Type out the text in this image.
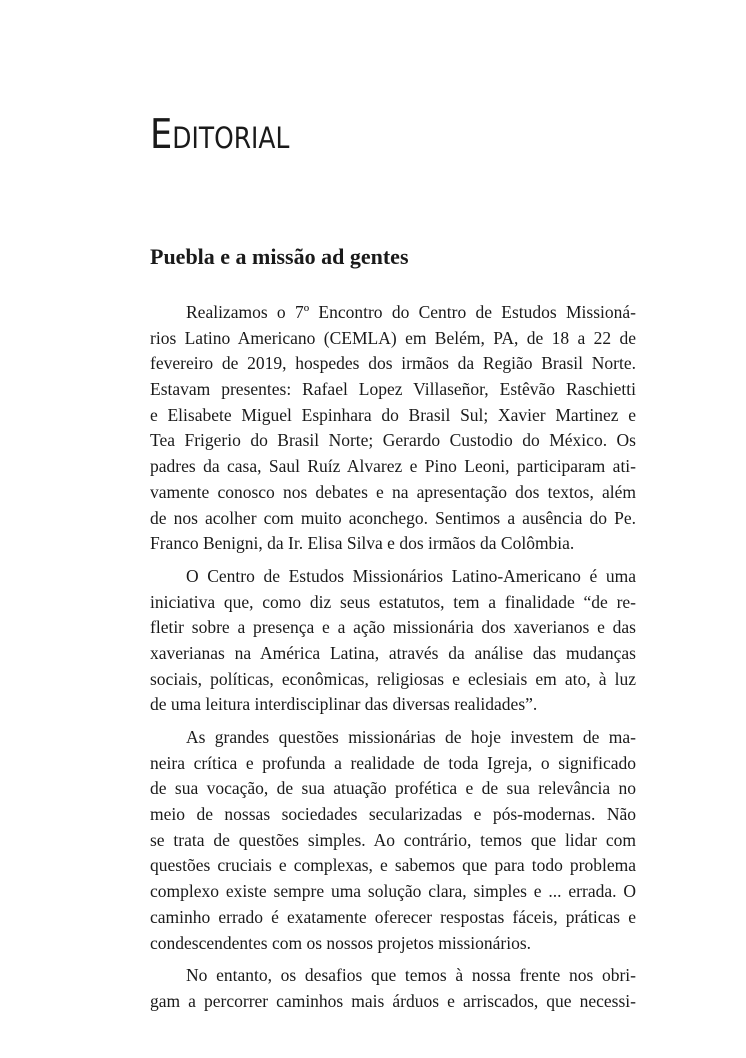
EDITORIAL
Puebla e a missão ad gentes

Realizamos o 7º Encontro do Centro de Estudos Missioná-
rios Latino Americano (CEMLA) em Belém, PA, de 18 a 22 de
fevereiro de 2019, hospedes dos irmãos da Região Brasil Norte.
Estavam presentes: Rafael Lopez Villaseñor, Estêvão Raschietti
e Elisabete Miguel Espinhara do Brasil Sul; Xavier Martinez e
Tea Frigerio do Brasil Norte; Gerardo Custodio do México. Os
padres da casa, Saul Ruíz Alvarez e Pino Leoni, participaram ati-
vamente conosco nos debates e na apresentação dos textos, além
de nos acolher com muito aconchego. Sentimos a ausência do Pe.
Franco Benigni, da Ir. Elisa Silva e dos irmãos da Colômbia.

O Centro de Estudos Missionários Latino-Americano é uma
iniciativa que, como diz seus estatutos, tem a finalidade “de re-
fletir sobre a presença e a ação missionária dos xaverianos e das
xaverianas na América Latina, através da análise das mudanças
sociais, políticas, econômicas, religiosas e eclesiais em ato, à luz
de uma leitura interdisciplinar das diversas realidades”.

As grandes questões missionárias de hoje investem de ma-
neira crítica e profunda a realidade de toda Igreja, o significado
de sua vocação, de sua atuação profética e de sua relevância no
meio de nossas sociedades secularizadas e pós-modernas. Não
se trata de questões simples. Ao contrário, temos que lidar com
questões cruciais e complexas, e sabemos que para todo problema
complexo existe sempre uma solução clara, simples e ... errada. O
caminho errado é exatamente oferecer respostas fáceis, práticas e
condescendentes com os nossos projetos missionários.

No entanto, os desafios que temos à nossa frente nos obri-
gam a percorrer caminhos mais árduos e arriscados, que necessi-
